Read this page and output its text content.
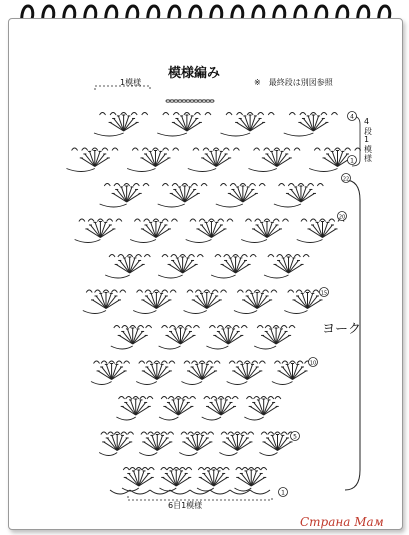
模様編み
※　最終段は別図参照
1模様
6目1模様
ヨーク
4
段
1
模
様
4
1
22
20
15
10
5
1
Страна Мам
